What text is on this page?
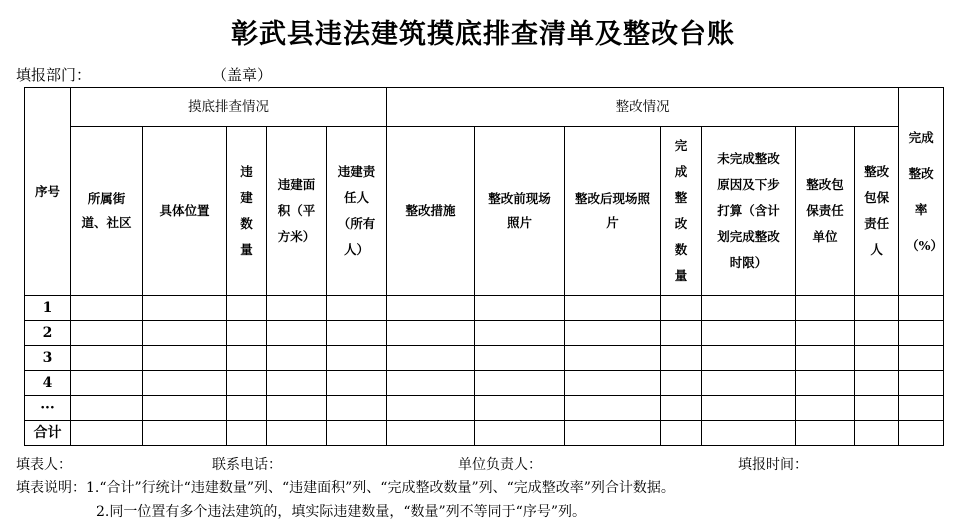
彰武县违法建筑摸底排查清单及整改台账
填报部门：	（盖章）
序号	摸底排查情况					整改情况							完成整改率（%）

	所属街道、社区	具体位置	违建数量	违建面积（平方米）	违建责任人（所有人）	整改措施	整改前现场照片	整改后现场照片	完成整改数量	未完成整改原因及下步打算（含计划完成整改时限）	整改包保责任单位	整改包保责任人	

1													
2													
3													
4													
···													
合计													
填表人：	联系电话：	单位负责人：	填报时间：
填表说明：1.“合计”行统计“违建数量”列、“违建面积”列、“完成整改数量”列、“完成整改率”列合计数据。
2.同一位置有多个违法建筑的，填实际违建数量，“数量”列不等同于“序号”列。
